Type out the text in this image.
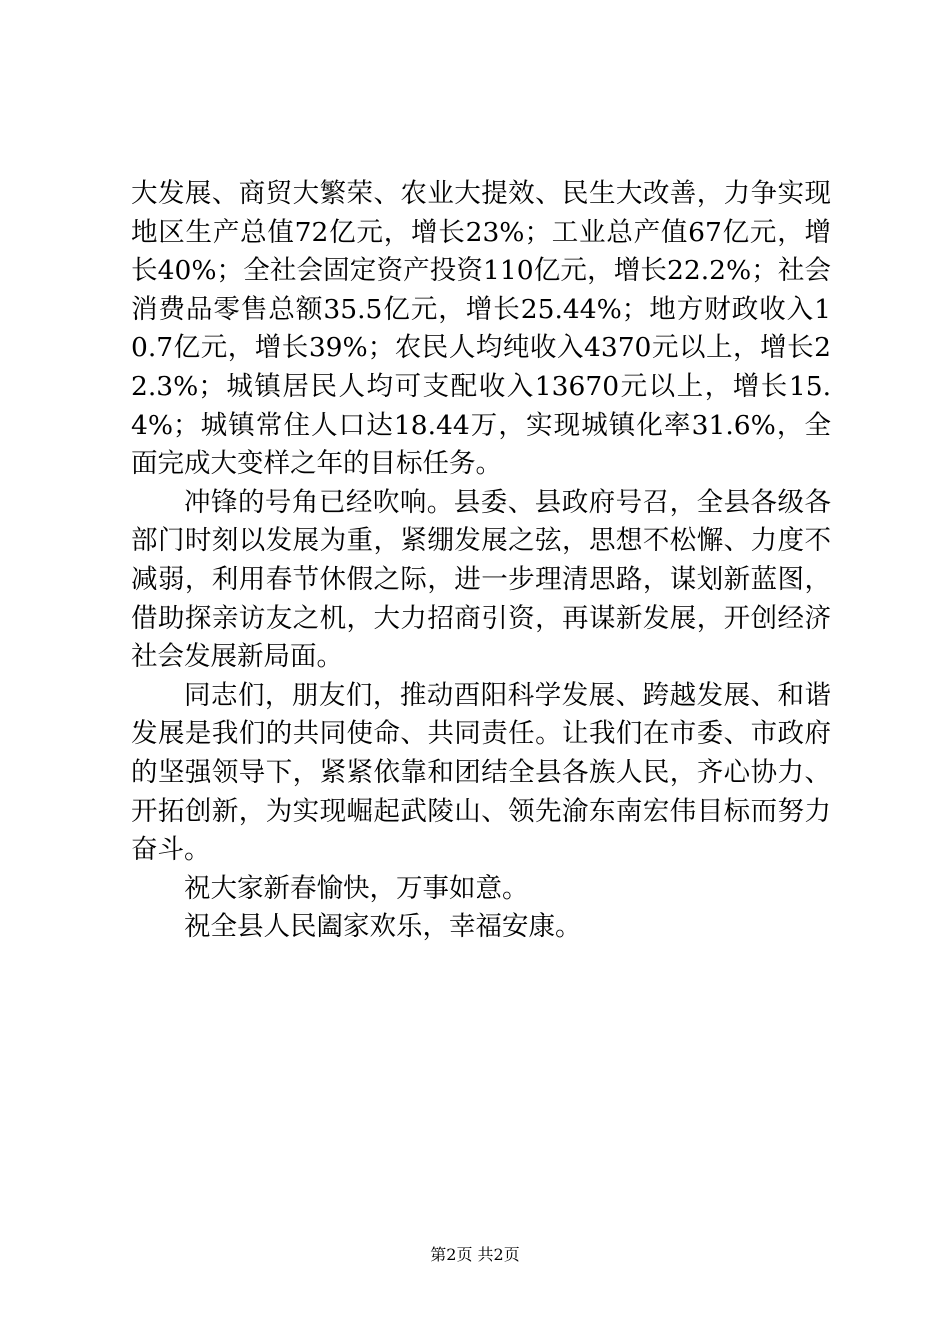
大发展、商贸大繁荣、农业大提效、民生大改善，力争实现地区生产总值72亿元，增长23%；工业总产值67亿元，增长40%；全社会固定资产投资110亿元，增长22.2%；社会消费品零售总额35.5亿元，增长25.44%；地方财政收入10.7亿元，增长39%；农民人均纯收入4370元以上，增长22.3%；城镇居民人均可支配收入13670元以上，增长15.4%；城镇常住人口达18.44万，实现城镇化率31.6%，全面完成大变样之年的目标任务。

冲锋的号角已经吹响。县委、县政府号召，全县各级各部门时刻以发展为重，紧绷发展之弦，思想不松懈、力度不减弱，利用春节休假之际，进一步理清思路，谋划新蓝图，借助探亲访友之机，大力招商引资，再谋新发展，开创经济社会发展新局面。

同志们，朋友们，推动酉阳科学发展、跨越发展、和谐发展是我们的共同使命、共同责任。让我们在市委、市政府的坚强领导下，紧紧依靠和团结全县各族人民，齐心协力、开拓创新，为实现崛起武陵山、领先渝东南宏伟目标而努力奋斗。

祝大家新春愉快，万事如意。

祝全县人民阖家欢乐，幸福安康。

第2页 共2页
